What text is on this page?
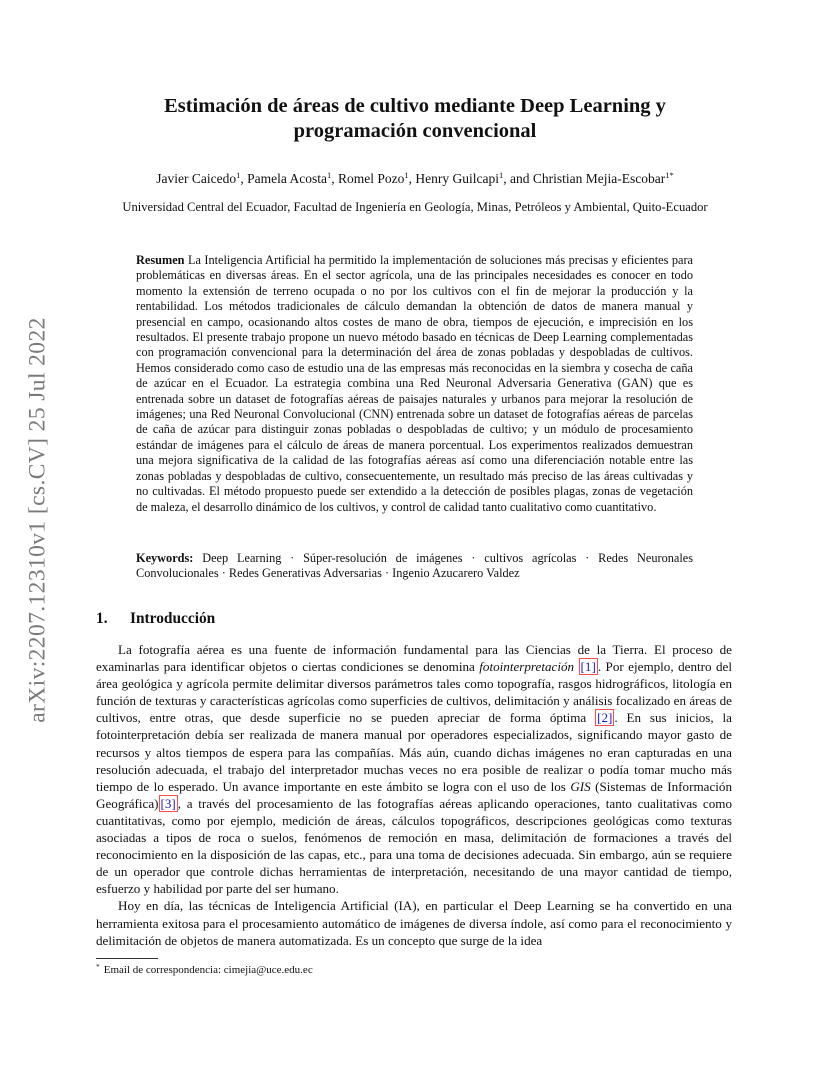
arXiv:2207.12310v1 [cs.CV] 25 Jul 2022
Estimación de áreas de cultivo mediante Deep Learning y programación convencional
Javier Caicedo$^1$, Pamela Acosta$^1$, Romel Pozo$^1$, Henry Guilcapi$^1$, and Christian Mejia-Escobar$^{1*}$
Universidad Central del Ecuador, Facultad de Ingeniería en Geología, Minas, Petróleos y Ambiental, Quito-Ecuador
Resumen La Inteligencia Artificial ha permitido la implementación de soluciones más precisas y eficientes para problemáticas en diversas áreas. En el sector agrícola, una de las principales necesidades es conocer en todo momento la extensión de terreno ocupada o no por los cultivos con el fin de mejorar la producción y la rentabilidad. Los métodos tradicionales de cálculo demandan la obtención de datos de manera manual y presencial en campo, ocasionando altos costes de mano de obra, tiempos de ejecución, e imprecisión en los resultados. El presente trabajo propone un nuevo método basado en técnicas de Deep Learning complementadas con programación convencional para la determinación del área de zonas pobladas y despobladas de cultivos. Hemos considerado como caso de estudio una de las empresas más reconocidas en la siembra y cosecha de caña de azúcar en el Ecuador. La estrategia combina una Red Neuronal Adversaria Generativa (GAN) que es entrenada sobre un dataset de fotografías aéreas de paisajes naturales y urbanos para mejorar la resolución de imágenes; una Red Neuronal Convolucional (CNN) entrenada sobre un dataset de fotografías aéreas de parcelas de caña de azúcar para distinguir zonas pobladas o despobladas de cultivo; y un módulo de procesamiento estándar de imágenes para el cálculo de áreas de manera porcentual. Los experimentos realizados demuestran una mejora significativa de la calidad de las fotografías aéreas así como una diferenciación notable entre las zonas pobladas y despobladas de cultivo, consecuentemente, un resultado más preciso de las áreas cultivadas y no cultivadas. El método propuesto puede ser extendido a la detección de posibles plagas, zonas de vegetación de maleza, el desarrollo dinámico de los cultivos, y control de calidad tanto cualitativo como cuantitativo.
Keywords: Deep Learning · Súper-resolución de imágenes · cultivos agrícolas · Redes Neuronales Convolucionales · Redes Generativas Adversarias · Ingenio Azucarero Valdez
1. Introducción

La fotografía aérea es una fuente de información fundamental para las Ciencias de la Tierra. El proceso de examinarlas para identificar objetos o ciertas condiciones se denomina fotointerpretación [1] . Por ejemplo, dentro del área geológica y agrícola permite delimitar diversos parámetros tales como topografía, rasgos hidrográficos, litología en función de texturas y características agrícolas como superficies de cultivos, delimitación y análisis focalizado en áreas de cultivos, entre otras, que desde superficie no se pueden apreciar de forma óptima [2] . En sus inicios, la fotointerpretación debía ser realizada de manera manual por operadores especializados, significando mayor gasto de recursos y altos tiempos de espera para las compañías. Más aún, cuando dichas imágenes no eran capturadas en una resolución adecuada, el trabajo del interpretador muchas veces no era posible de realizar o podía tomar mucho más tiempo de lo esperado. Un avance importante en este ámbito se logra con el uso de los GIS (Sistemas de Información Geográfica) [3] , a través del procesamiento de las fotografías aéreas aplicando operaciones, tanto cualitativas como cuantitativas, como por ejemplo, medición de áreas, cálculos topográficos, descripciones geológicas como texturas asociadas a tipos de roca o suelos, fenómenos de remoción en masa, delimitación de formaciones a través del reconocimiento en la disposición de las capas, etc., para una toma de decisiones adecuada. Sin embargo, aún se requiere de un operador que controle dichas herramientas de interpretación, necesitando de una mayor cantidad de tiempo, esfuerzo y habilidad por parte del ser humano.

Hoy en día, las técnicas de Inteligencia Artificial (IA), en particular el Deep Learning se ha convertido en una herramienta exitosa para el procesamiento automático de imágenes de diversa índole, así como para el reconocimiento y delimitación de objetos de manera automatizada. Es un concepto que surge de la idea

* Email de correspondencia: cimejia@uce.edu.ec
